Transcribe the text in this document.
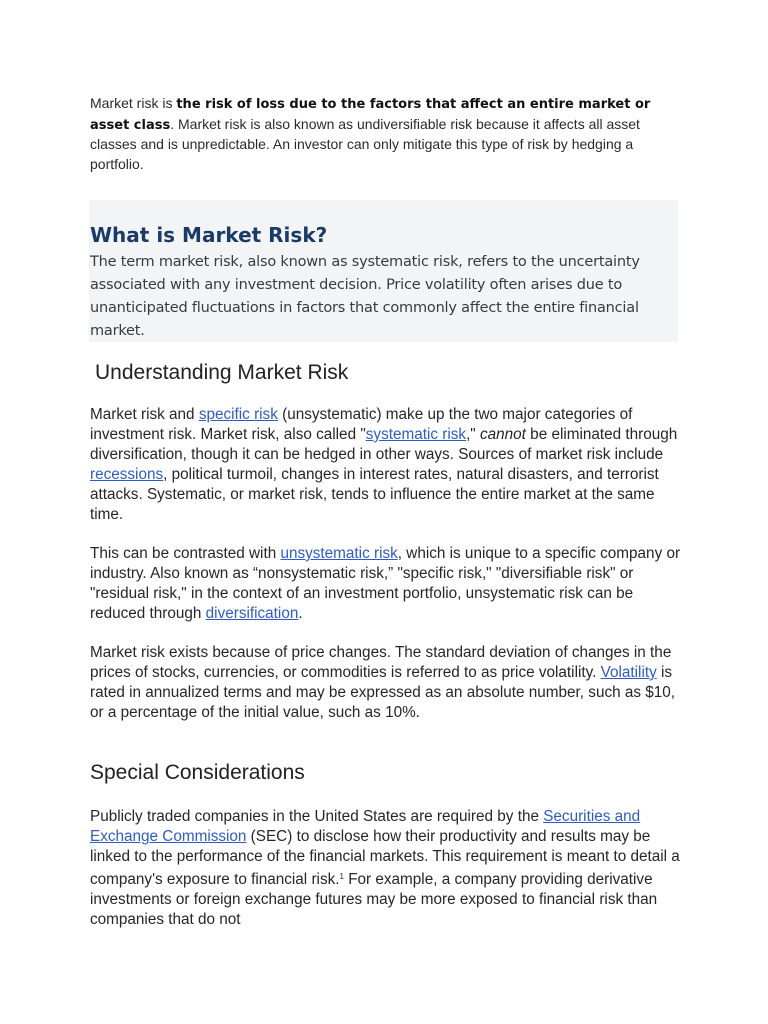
Market risk is the risk of loss due to the factors that affect an entire market or asset class. Market risk is also known as undiversifiable risk because it affects all asset classes and is unpredictable. An investor can only mitigate this type of risk by hedging a portfolio.

What is Market Risk?

The term market risk, also known as systematic risk, refers to the uncertainty associated with any investment decision. Price volatility often arises due to unanticipated fluctuations in factors that commonly affect the entire financial market.

Understanding Market Risk

Market risk and specific risk (unsystematic) make up the two major categories of investment risk. Market risk, also called "systematic risk," cannot be eliminated through diversification, though it can be hedged in other ways. Sources of market risk include recessions, political turmoil, changes in interest rates, natural disasters, and terrorist attacks. Systematic, or market risk, tends to influence the entire market at the same time.

This can be contrasted with unsystematic risk, which is unique to a specific company or industry. Also known as “nonsystematic risk,” "specific risk," "diversifiable risk" or "residual risk," in the context of an investment portfolio, unsystematic risk can be reduced through diversification.

Market risk exists because of price changes. The standard deviation of changes in the prices of stocks, currencies, or commodities is referred to as price volatility. Volatility is rated in annualized terms and may be expressed as an absolute number, such as $10, or a percentage of the initial value, such as 10%.

Special Considerations

Publicly traded companies in the United States are required by the Securities and Exchange Commission (SEC) to disclose how their productivity and results may be linked to the performance of the financial markets. This requirement is meant to detail a company's exposure to financial risk.$^1$ For example, a company providing derivative investments or foreign exchange futures may be more exposed to financial risk than companies that do not
